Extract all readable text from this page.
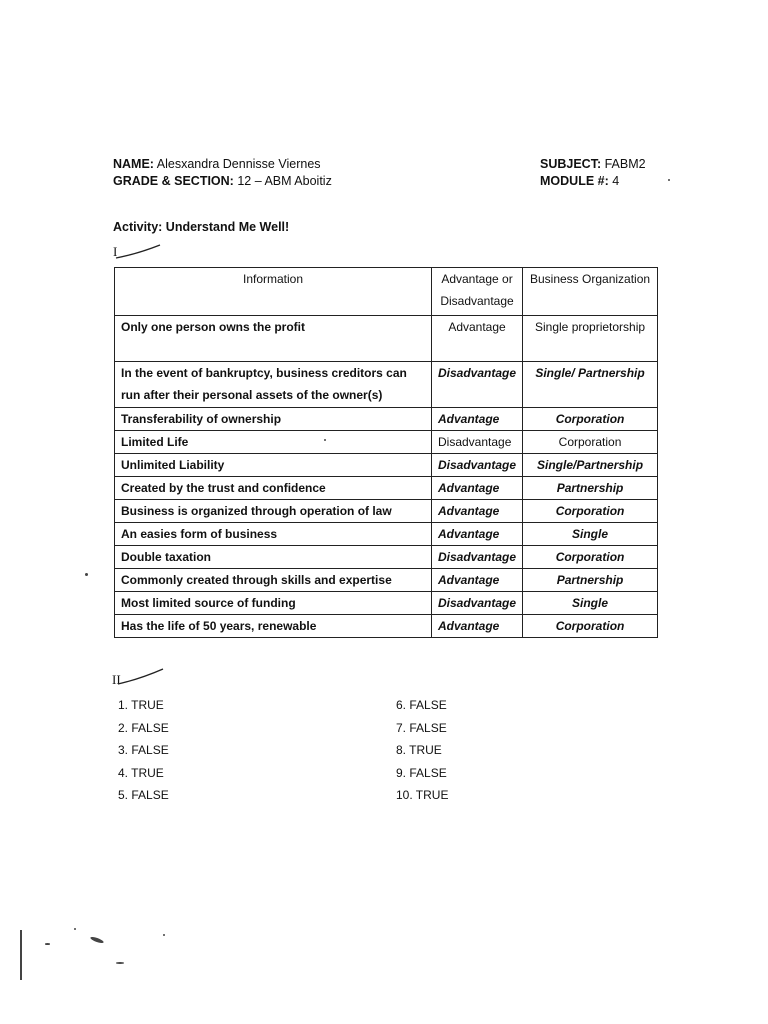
NAME: Alesxandra Dennisse Viernes
GRADE & SECTION: 12 – ABM Aboitiz
SUBJECT: FABM2
MODULE #: 4
Activity: Understand Me Well!
I
Information	Advantage or Disadvantage	Business Organization
Only one person owns the profit	Advantage	Single proprietorship
In the event of bankruptcy, business creditors can run after their personal assets of the owner(s)	Disadvantage	Single/ Partnership
Transferability of ownership	Advantage	Corporation
Limited Life	Disadvantage	Corporation
Unlimited Liability	Disadvantage	Single/Partnership
Created by the trust and confidence	Advantage	Partnership
Business is organized through operation of law	Advantage	Corporation
An easies form of business	Advantage	Single
Double taxation	Disadvantage	Corporation
Commonly created through skills and expertise	Advantage	Partnership
Most limited source of funding	Disadvantage	Single
Has the life of 50 years, renewable	Advantage	Corporation
II
1. TRUE
2. FALSE
3. FALSE
4. TRUE
5. FALSE
6. FALSE
7. FALSE
8. TRUE
9. FALSE
10. TRUE
